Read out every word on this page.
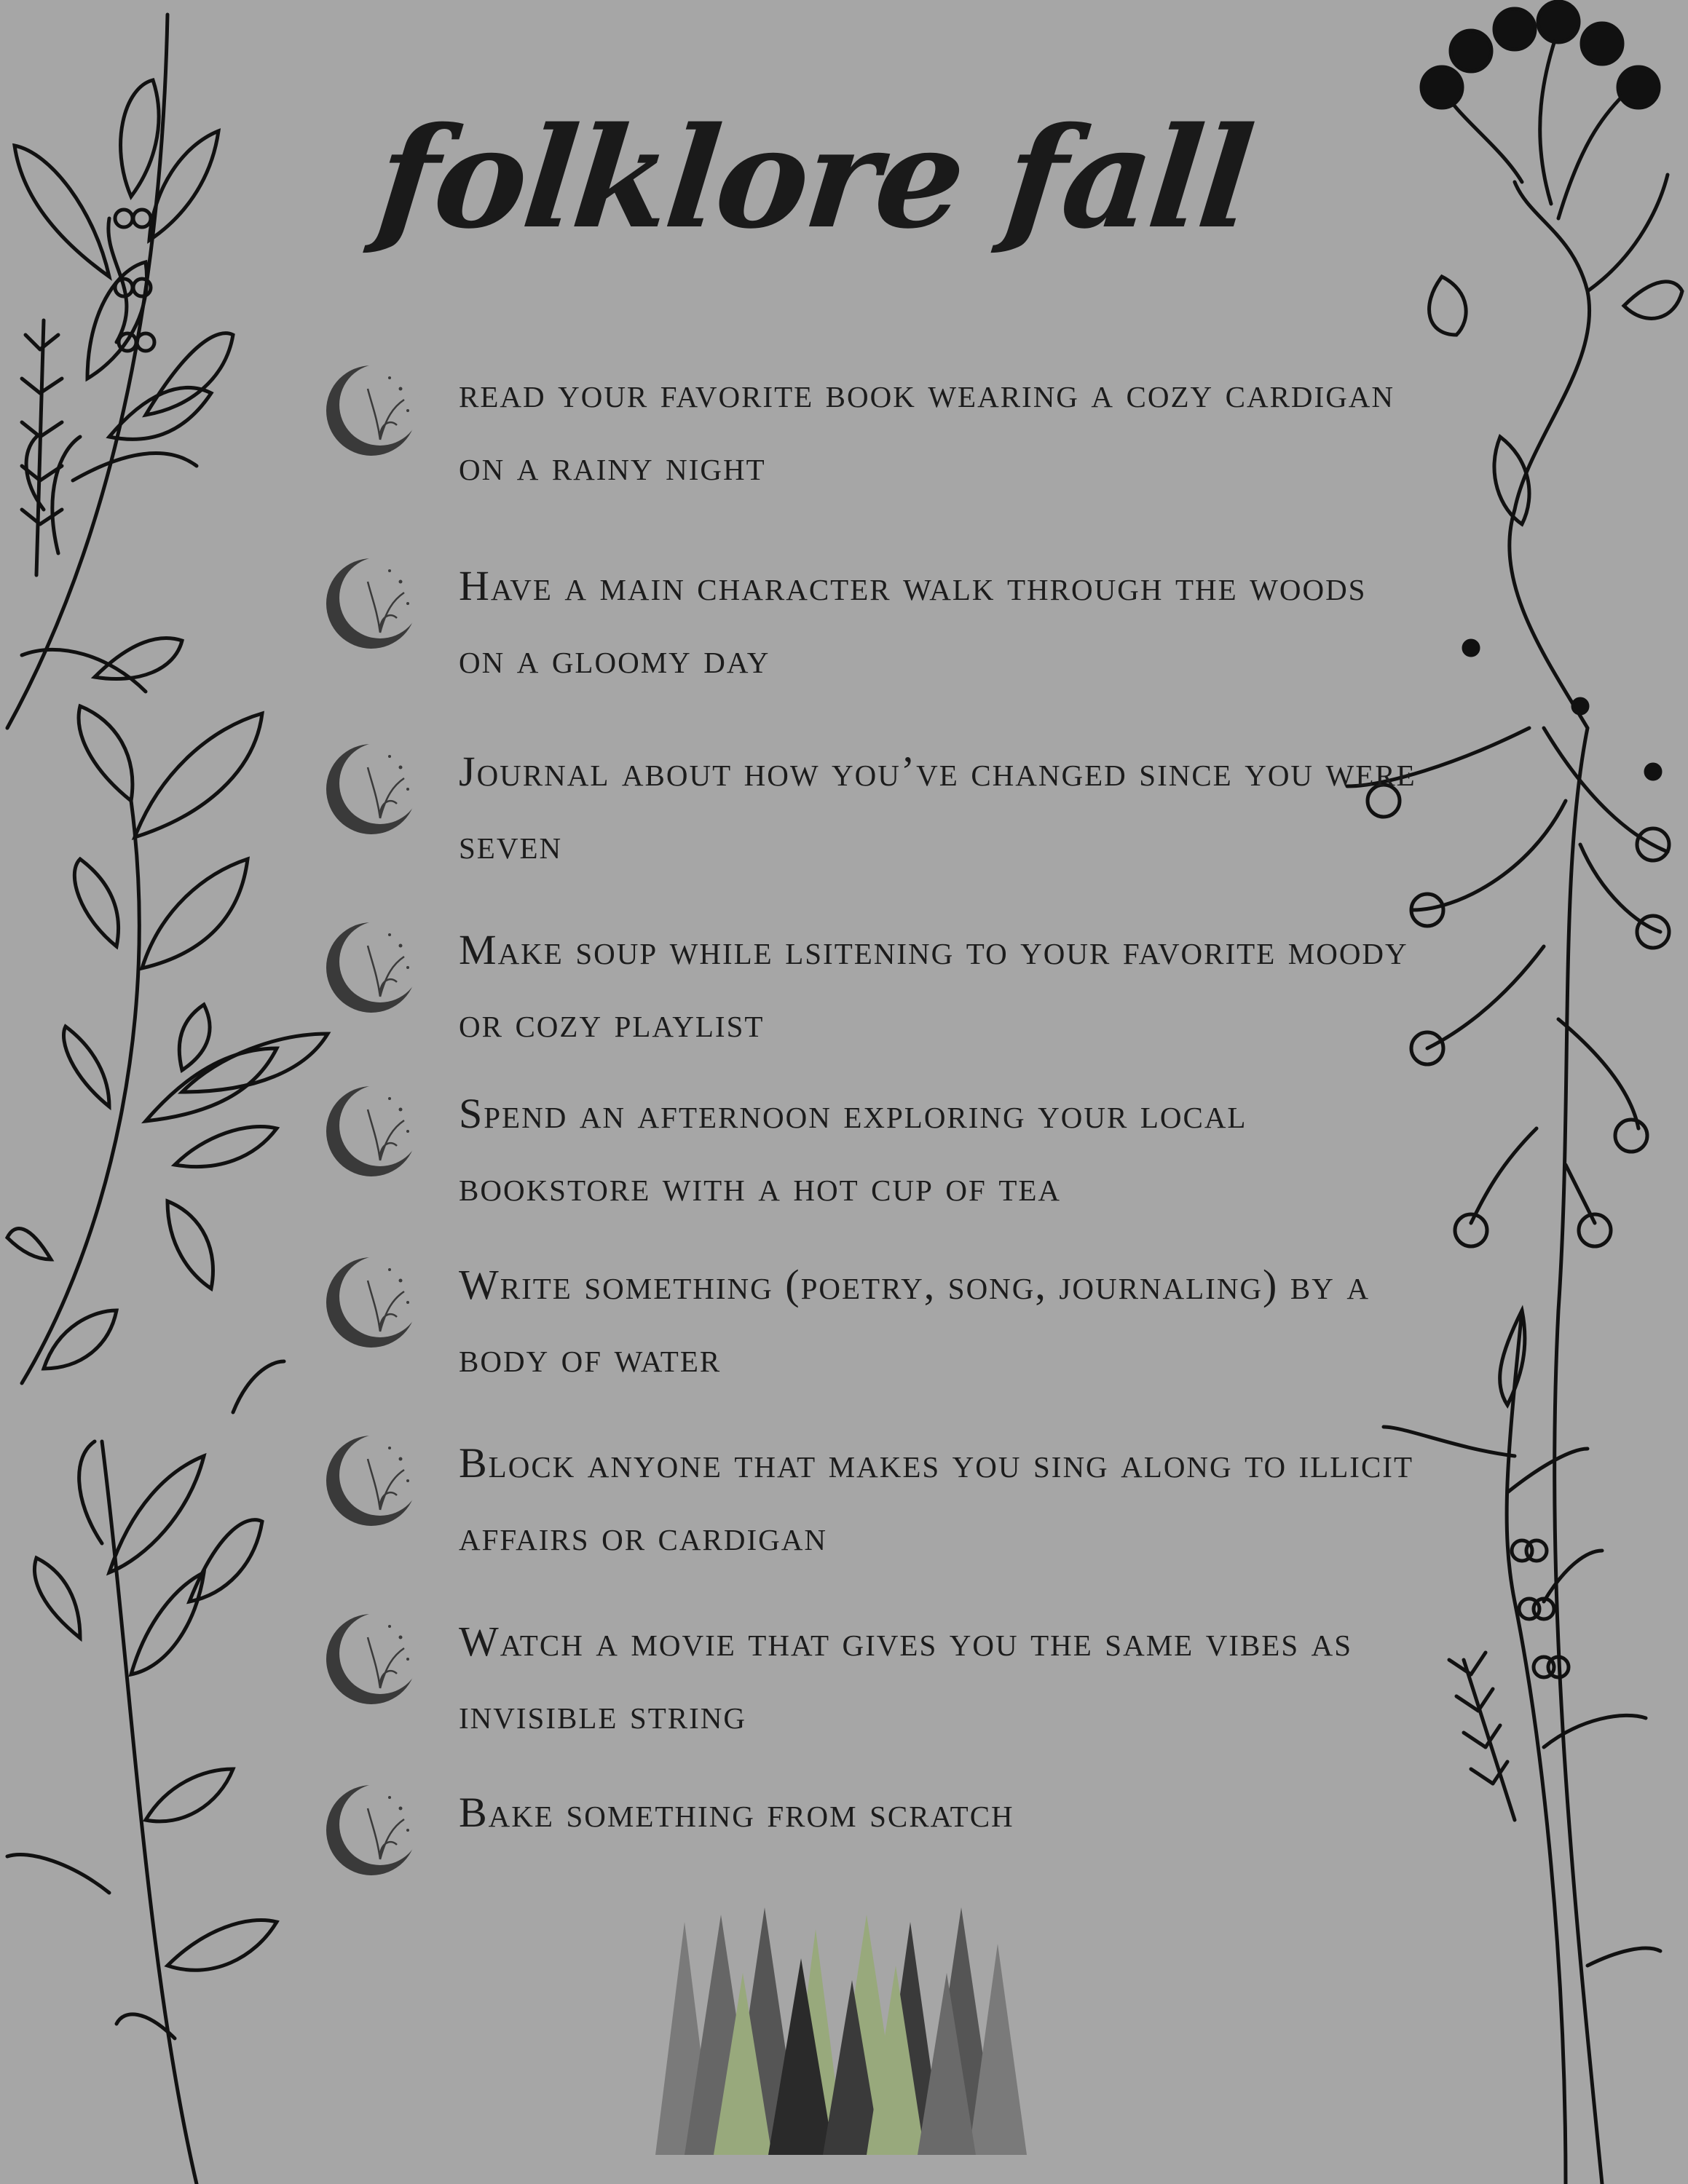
folklore fall
read your favorite book wearing a cozy cardigan on a rainy night
Have a main character walk through the woods on a gloomy day
Journal about how you’ve changed since you were seven
Make soup while lsitening to your favorite moody or cozy playlist
Spend an afternoon exploring your local bookstore with a hot cup of tea
Write something (poetry, song, journaling) by a body of water
Block anyone that makes you sing along to illicit affairs or cardigan
Watch a movie that gives you the same vibes as invisible string
Bake something from scratch
